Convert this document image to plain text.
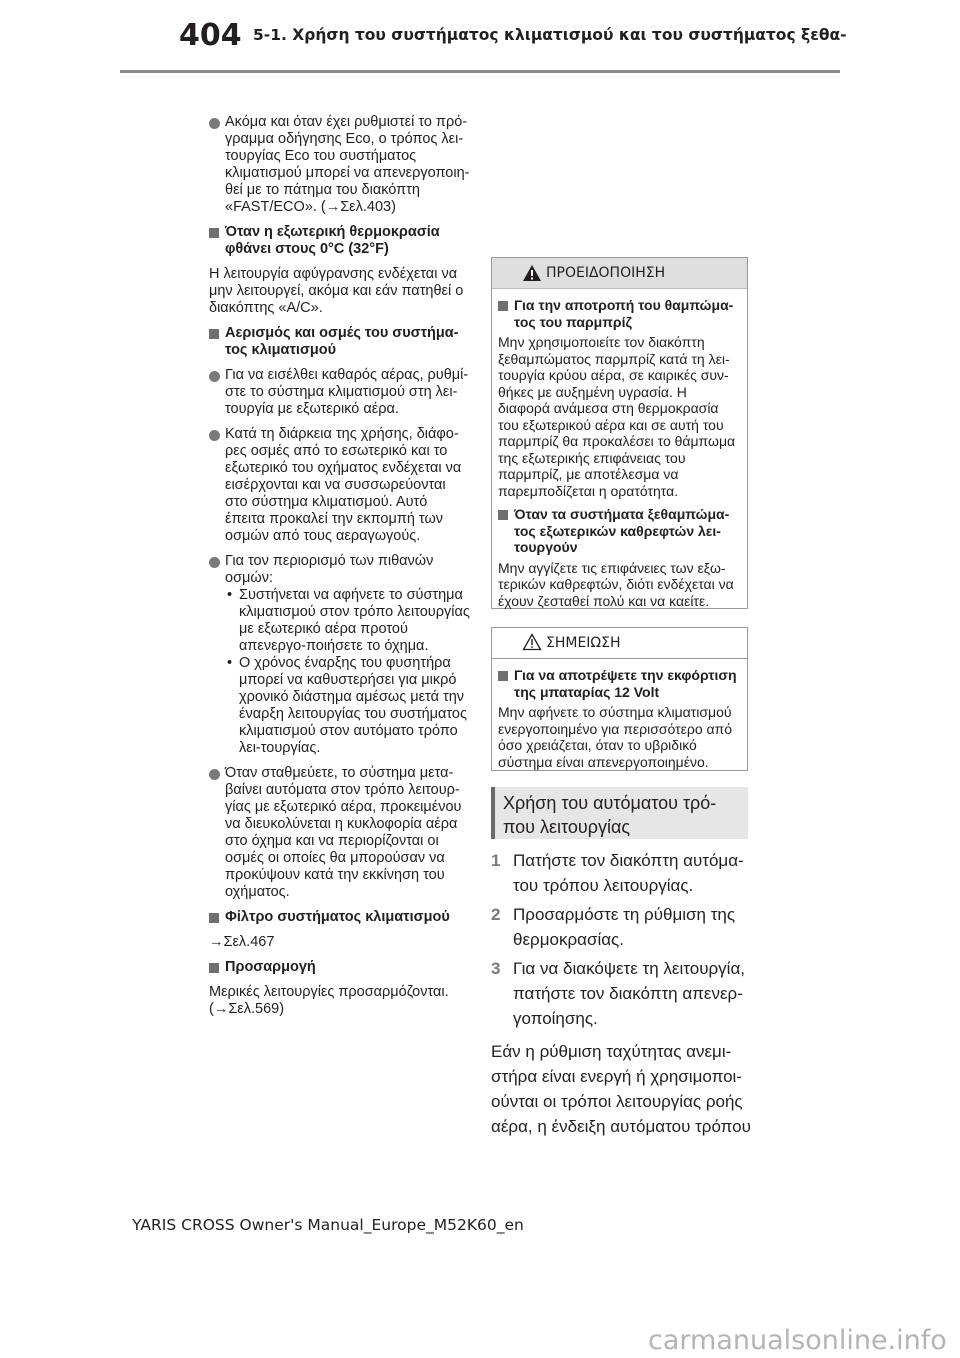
404 5-1. Χρήση του συστήματος κλιματισμού και του συστήματος ξεθα-
Ακόμα και όταν έχει ρυθμιστεί το πρό-γραμμα οδήγησης Eco, ο τρόπος λει-τουργίας Eco του συστήματος κλιματισμού μπορεί να απενεργοποιη-θεί με το πάτημα του διακόπτη «FAST/ECO». (→Σελ.403)
Όταν η εξωτερική θερμοκρασία φθάνει στους 0°C (32°F)
Η λειτουργία αφύγρανσης ενδέχεται να μην λειτουργεί, ακόμα και εάν πατηθεί ο διακόπτης «A/C».
Αερισμός και οσμές του συστήμα-τος κλιματισμού
Για να εισέλθει καθαρός αέρας, ρυθμί-στε το σύστημα κλιματισμού στη λει-τουργία με εξωτερικό αέρα.
Κατά τη διάρκεια της χρήσης, διάφο-ρες οσμές από το εσωτερικό και το εξωτερικό του οχήματος ενδέχεται να εισέρχονται και να συσσωρεύονται στο σύστημα κλιματισμού. Αυτό έπειτα προκαλεί την εκπομπή των οσμών από τους αεραγωγούς.
Για τον περιορισμό των πιθανών οσμών:
• Συστήνεται να αφήνετε το σύστημα κλιματισμού στον τρόπο λειτουργίας με εξωτερικό αέρα προτού απενεργο-ποιήσετε το όχημα.
• Ο χρόνος έναρξης του φυσητήρα μπορεί να καθυστερήσει για μικρό χρονικό διάστημα αμέσως μετά την έναρξη λειτουργίας του συστήματος κλιματισμού στον αυτόματο τρόπο λει-τουργίας.
Όταν σταθμεύετε, το σύστημα μετα-βαίνει αυτόματα στον τρόπο λειτουρ-γίας με εξωτερικό αέρα, προκειμένου να διευκολύνεται η κυκλοφορία αέρα στο όχημα και να περιορίζονται οι οσμές οι οποίες θα μπορούσαν να προκύψουν κατά την εκκίνηση του οχήματος.
Φίλτρο συστήματος κλιματισμού
→Σελ.467
Προσαρμογή
Μερικές λειτουργίες προσαρμόζονται. (→Σελ.569)
ΠΡΟΕΙΔΟΠΟΙΗΣΗ
Για την αποτροπή του θαμπώμα-τος του παρμπρίζ
Μην χρησιμοποιείτε τον διακόπτη ξεθαμπώματος παρμπρίζ κατά τη λει-τουργία κρύου αέρα, σε καιρικές συν-θήκες με αυξημένη υγρασία. Η διαφορά ανάμεσα στη θερμοκρασία του εξωτερικού αέρα και σε αυτή του παρμπρίζ θα προκαλέσει το θάμπωμα της εξωτερικής επιφάνειας του παρμπρίζ, με αποτέλεσμα να παρεμποδίζεται η ορατότητα.
Όταν τα συστήματα ξεθαμπώμα-τος εξωτερικών καθρεφτών λει-τουργούν
Μην αγγίζετε τις επιφάνειες των εξω-τερικών καθρεφτών, διότι ενδέχεται να έχουν ζεσταθεί πολύ και να καείτε.
ΣΗΜΕΙΩΣΗ
Για να αποτρέψετε την εκφόρτιση της μπαταρίας 12 Volt
Μην αφήνετε το σύστημα κλιματισμού ενεργοποιημένο για περισσότερο από όσο χρειάζεται, όταν το υβριδικό σύστημα είναι απενεργοποιημένο.
Χρήση του αυτόματου τρό-που λειτουργίας
1 Πατήστε τον διακόπτη αυτόμα-του τρόπου λειτουργίας.
2 Προσαρμόστε τη ρύθμιση της θερμοκρασίας.
3 Για να διακόψετε τη λειτουργία, πατήστε τον διακόπτη απενερ-γοποίησης.
Εάν η ρύθμιση ταχύτητας ανεμι-στήρα είναι ενεργή ή χρησιμοποι-ούνται οι τρόποι λειτουργίας ροής αέρα, η ένδειξη αυτόματου τρόπου
YARIS CROSS Owner's Manual_Europe_M52K60_en
carmanualsonline.info
